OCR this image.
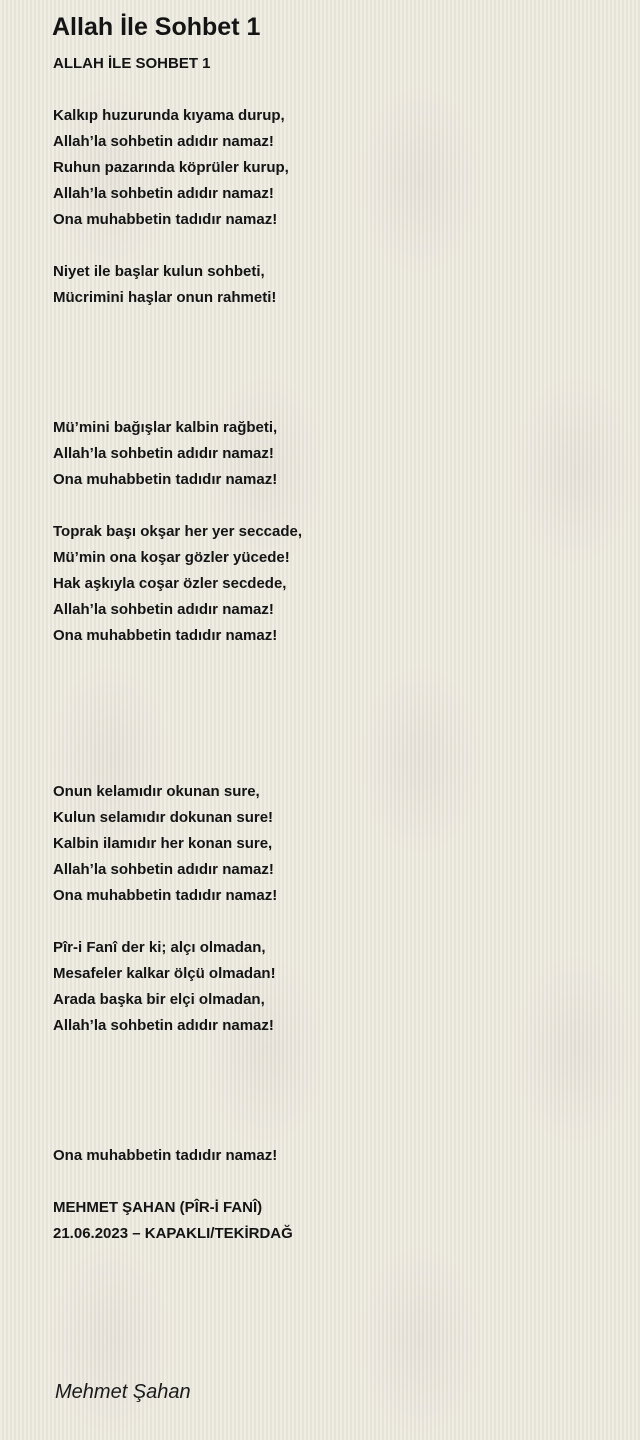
Allah İle Sohbet 1
ALLAH İLE SOHBET 1
Kalkıp huzurunda kıyama durup,
Allah’la sohbetin adıdır namaz!
Ruhun pazarında köprüler kurup,
Allah’la sohbetin adıdır namaz!
Ona muhabbetin tadıdır namaz!
Niyet ile başlar kulun sohbeti,
Mücrimini haşlar onun rahmeti!
Mü’mini bağışlar kalbin rağbeti,
Allah’la sohbetin adıdır namaz!
Ona muhabbetin tadıdır namaz!
Toprak başı okşar her yer seccade,
Mü’min ona koşar gözler yücede!
Hak aşkıyla coşar özler secdede,
Allah’la sohbetin adıdır namaz!
Ona muhabbetin tadıdır namaz!
Onun kelamıdır okunan sure,
Kulun selamıdır dokunan sure!
Kalbin ilamıdır her konan sure,
Allah’la sohbetin adıdır namaz!
Ona muhabbetin tadıdır namaz!
Pîr-i Fanî der ki; alçı olmadan,
Mesafeler kalkar ölçü olmadan!
Arada başka bir elçi olmadan,
Allah’la sohbetin adıdır namaz!
Ona muhabbetin tadıdır namaz!
MEHMET ŞAHAN (PÎR-İ FANÎ)
21.06.2023 – KAPAKLI/TEKİRDAĞ
Mehmet Şahan
